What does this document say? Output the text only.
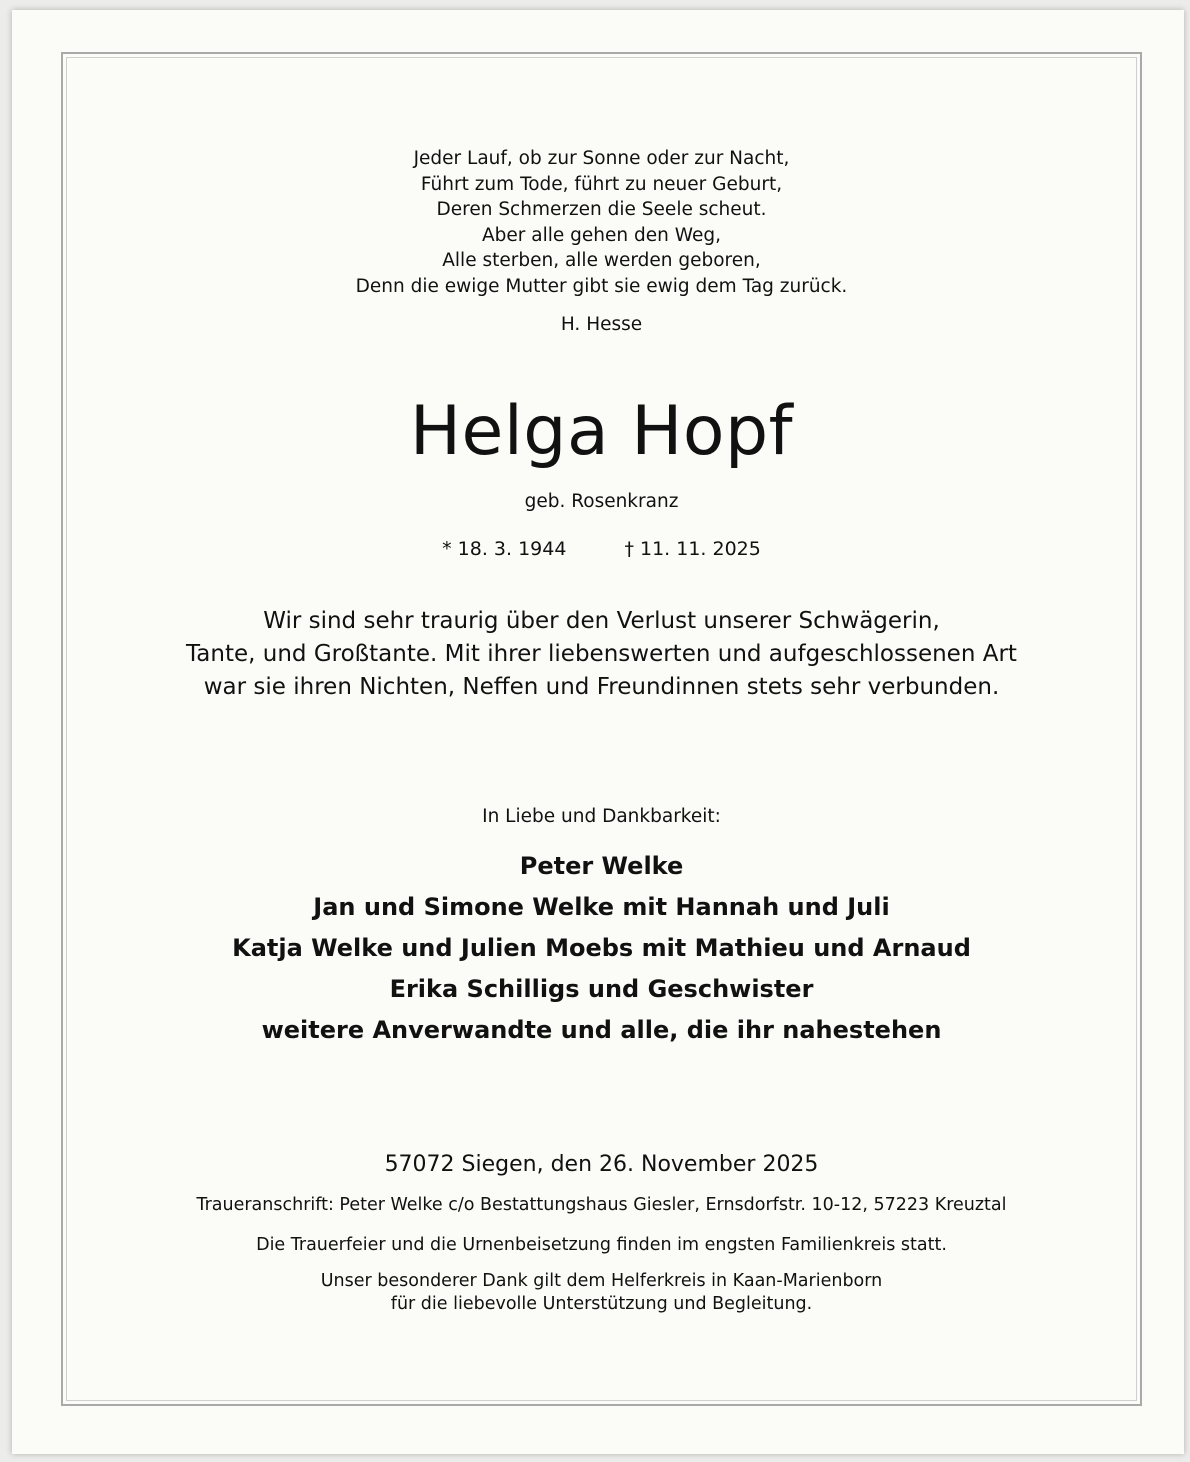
Jeder Lauf, ob zur Sonne oder zur Nacht,
Führt zum Tode, führt zu neuer Geburt,
Deren Schmerzen die Seele scheut.
Aber alle gehen den Weg,
Alle sterben, alle werden geboren,
Denn die ewige Mutter gibt sie ewig dem Tag zurück.
H. Hesse
Helga Hopf
geb. Rosenkranz
* 18. 3. 1944	† 11. 11. 2025
Wir sind sehr traurig über den Verlust unserer Schwägerin,
Tante, und Großtante. Mit ihrer liebenswerten und aufgeschlossenen Art
war sie ihren Nichten, Neffen und Freundinnen stets sehr verbunden.
In Liebe und Dankbarkeit:
Peter Welke
Jan und Simone Welke mit Hannah und Juli
Katja Welke und Julien Moebs mit Mathieu und Arnaud
Erika Schilligs und Geschwister
weitere Anverwandte und alle, die ihr nahestehen
57072 Siegen, den 26. November 2025
Traueranschrift: Peter Welke c/o Bestattungshaus Giesler, Ernsdorfstr. 10-12, 57223 Kreuztal
Die Trauerfeier und die Urnenbeisetzung finden im engsten Familienkreis statt.
Unser besonderer Dank gilt dem Helferkreis in Kaan-Marienborn
für die liebevolle Unterstützung und Begleitung.
